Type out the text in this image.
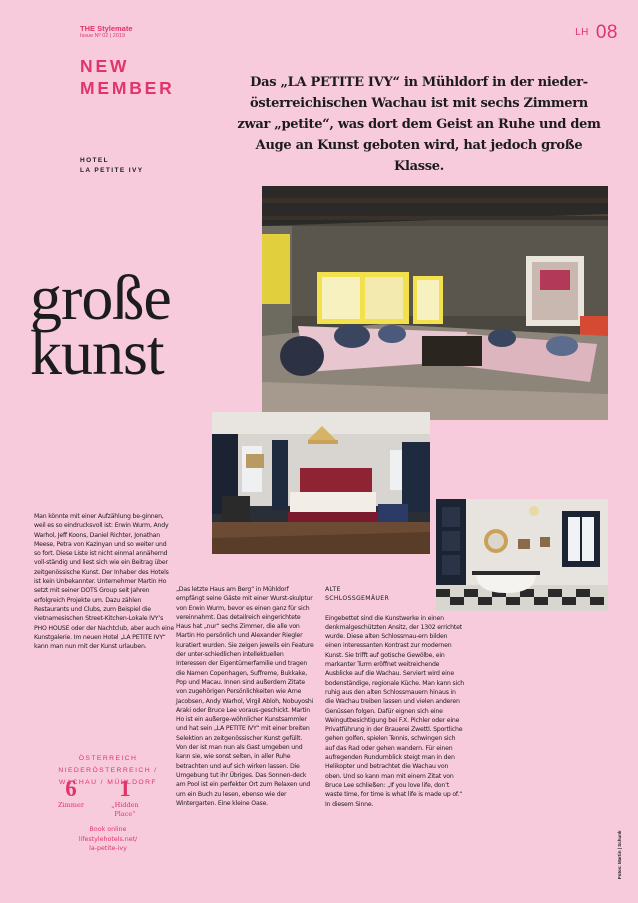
THE Stylemate
Issue Nº 02 | 2019	LH 08
NEW
MEMBER	Das „LA PETITE IVY“ in Mühldorf in der nieder-österreichischen Wachau ist mit sechs Zimmern zwar „petite“, was dort dem Geist an Ruhe und dem Auge an Kunst geboten wird, hat jedoch große Klasse.
HOTEL
LA PETITE IVY
große
kunst
Man könnte mit einer Aufzählung be-ginnen, weil es so eindrucksvoll ist: Erwin Wurm, Andy Warhol, Jeff Koons, Daniel Richter, Jonathan Meese, Petra von Kazinyan und so weiter und so fort. Diese Liste ist nicht einmal annähernd voll-ständig und liest sich wie ein Beitrag über zeitgenössische Kunst. Der Inhaber des Hotels ist kein Unbekannter. Unternehmer Martin Ho setzt mit seiner DOTS Group seit Jahren erfolgreich Projekte um. Dazu zählen Restaurants und Clubs, zum Beispiel die vietnamesischen Street-Kitchen-Lokale IVY’s PHO HOUSE oder der Nachtclub, aber auch eine Kunstgalerie. Im neuen Hotel „LA PETITE IVY“ kann man nun mit der Kunst urlauben.
„Das letzte Haus am Berg“ in Mühldorf empfängt seine Gäste mit einer Wurst-skulptur von Erwin Wurm, bevor es einen ganz für sich vereinnahmt. Das detailreich eingerichtete Haus hat „nur“ sechs Zimmer, die alle von Martin Ho persönlich und Alexander Riegler kuratiert wurden. Sie zeigen jeweils ein Feature der unter-schiedlichen intellektuellen Interessen der Eigentümerfamilie und tragen die Namen Copenhagen, Suffreme, Bukkake, Pop und Macau. Innen sind außerdem Zitate von zugehörigen Persönlichkeiten wie Arne Jacobsen, Andy Warhol, Virgil Abloh, Nobuyoshi Araki oder Bruce Lee voraus-geschickt. Martin Ho ist ein außerge-wöhnlicher Kunstsammler und hat sein „LA PETITE IVY“ mit einer breiten Selektion an zeitgenössischer Kunst gefüllt. Von der ist man nun als Gast umgeben und kann sie, wie sonst selten, in aller Ruhe betrachten und auf sich wirken lassen. Die Umgebung tut ihr Übriges. Das Sonnen-deck am Pool ist ein perfekter Ort zum Relaxen und um ein Buch zu lesen, ebenso wie der Wintergarten. Eine kleine Oase.
ALTE
SCHLOSSGEMÄUER
Eingebettet sind die Kunstwerke in einen denkmalgeschützten Ansitz, der 1302 errichtet wurde. Diese alten Schlossmau-ern bilden einen interessanten Kontrast zur modernen Kunst. Sie trifft auf gotische Gewölbe, ein markanter Turm eröffnet weitreichende Ausblicke auf die Wachau. Serviert wird eine bodenständige, regionale Küche. Man kann sich ruhig aus den alten Schlossmauern hinaus in die Wachau treiben lassen und vielen anderen Genüssen folgen. Dafür eignen sich eine Weingutbesichtigung bei F.X. Pichler oder eine Privatführung in der Brauerei Zwettl. Sportliche gehen golfen, spielen Tennis, schwingen sich auf das Rad oder gehen wandern. Für einen aufregenden Rundumblick steigt man in den Helikopter und betrachtet die Wachau von oben. Und so kann man mit einem Zitat von Bruce Lee schließen: „If you love life, don’t waste time, for time is what life is made up of.“ In diesem Sinne.
ÖSTERREICH
NIEDERÖSTERREICH /
WACHAU / MÜHLDORF
6
Zimmer
1
„Hidden
Place“
Book online
lifestylehotels.net/
la-petite-ivy	Fotos: Martin | Schunk
